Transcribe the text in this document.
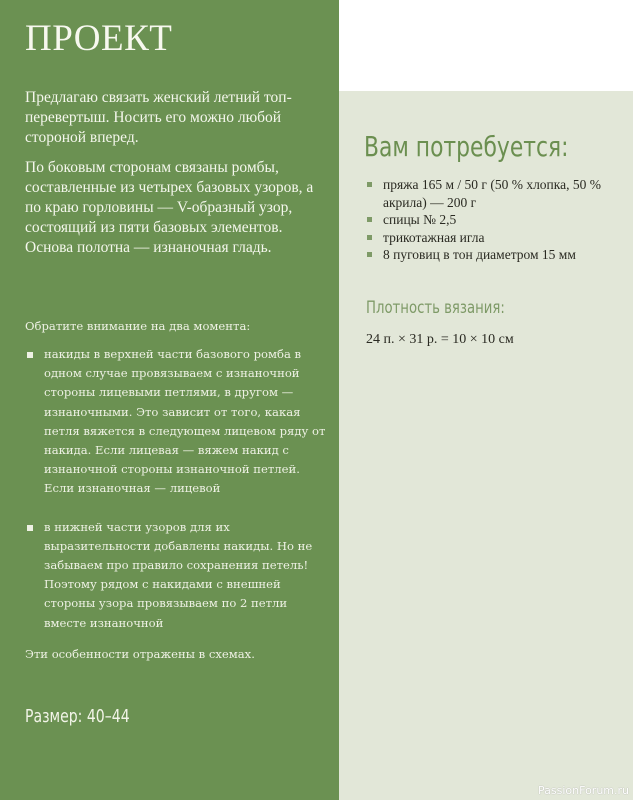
ПРОЕКТ

Предлагаю связать женский летний топ-перевертыш. Носить его можно любой стороной вперед.

По боковым сторонам связаны ромбы, составленные из четырех базовых узоров, а по краю горловины — V-образный узор, состоящий из пяти базовых элементов. Основа полотна — изнаночная гладь.

Обратите внимание на два момента:

накиды в верхней части базового ромба в одном случае провязываем с изнаночной стороны лицевыми петлями, в другом — изнаночными. Это зависит от того, какая петля вяжется в следующем лицевом ряду от накида. Если лицевая — вяжем накид с изнаночной стороны изнаночной петлей. Если изнаночная — лицевой
в нижней части узоров для их выразительности добавлены накиды. Но не забываем про правило сохранения петель! Поэтому рядом с накидами с внешней стороны узора провязываем по 2 петли вместе изнаночной

Эти особенности отражены в схемах.

Размер: 40–44
Вам потребуется:
пряжа 165 м / 50 г (50 % хлопка, 50 % акрила) — 200 г
спицы № 2,5
трикотажная игла
8 пуговиц в тон диаметром 15 мм
Плотность вязания:
24 п. × 31 р. = 10 × 10 см
PassionForum.ru
